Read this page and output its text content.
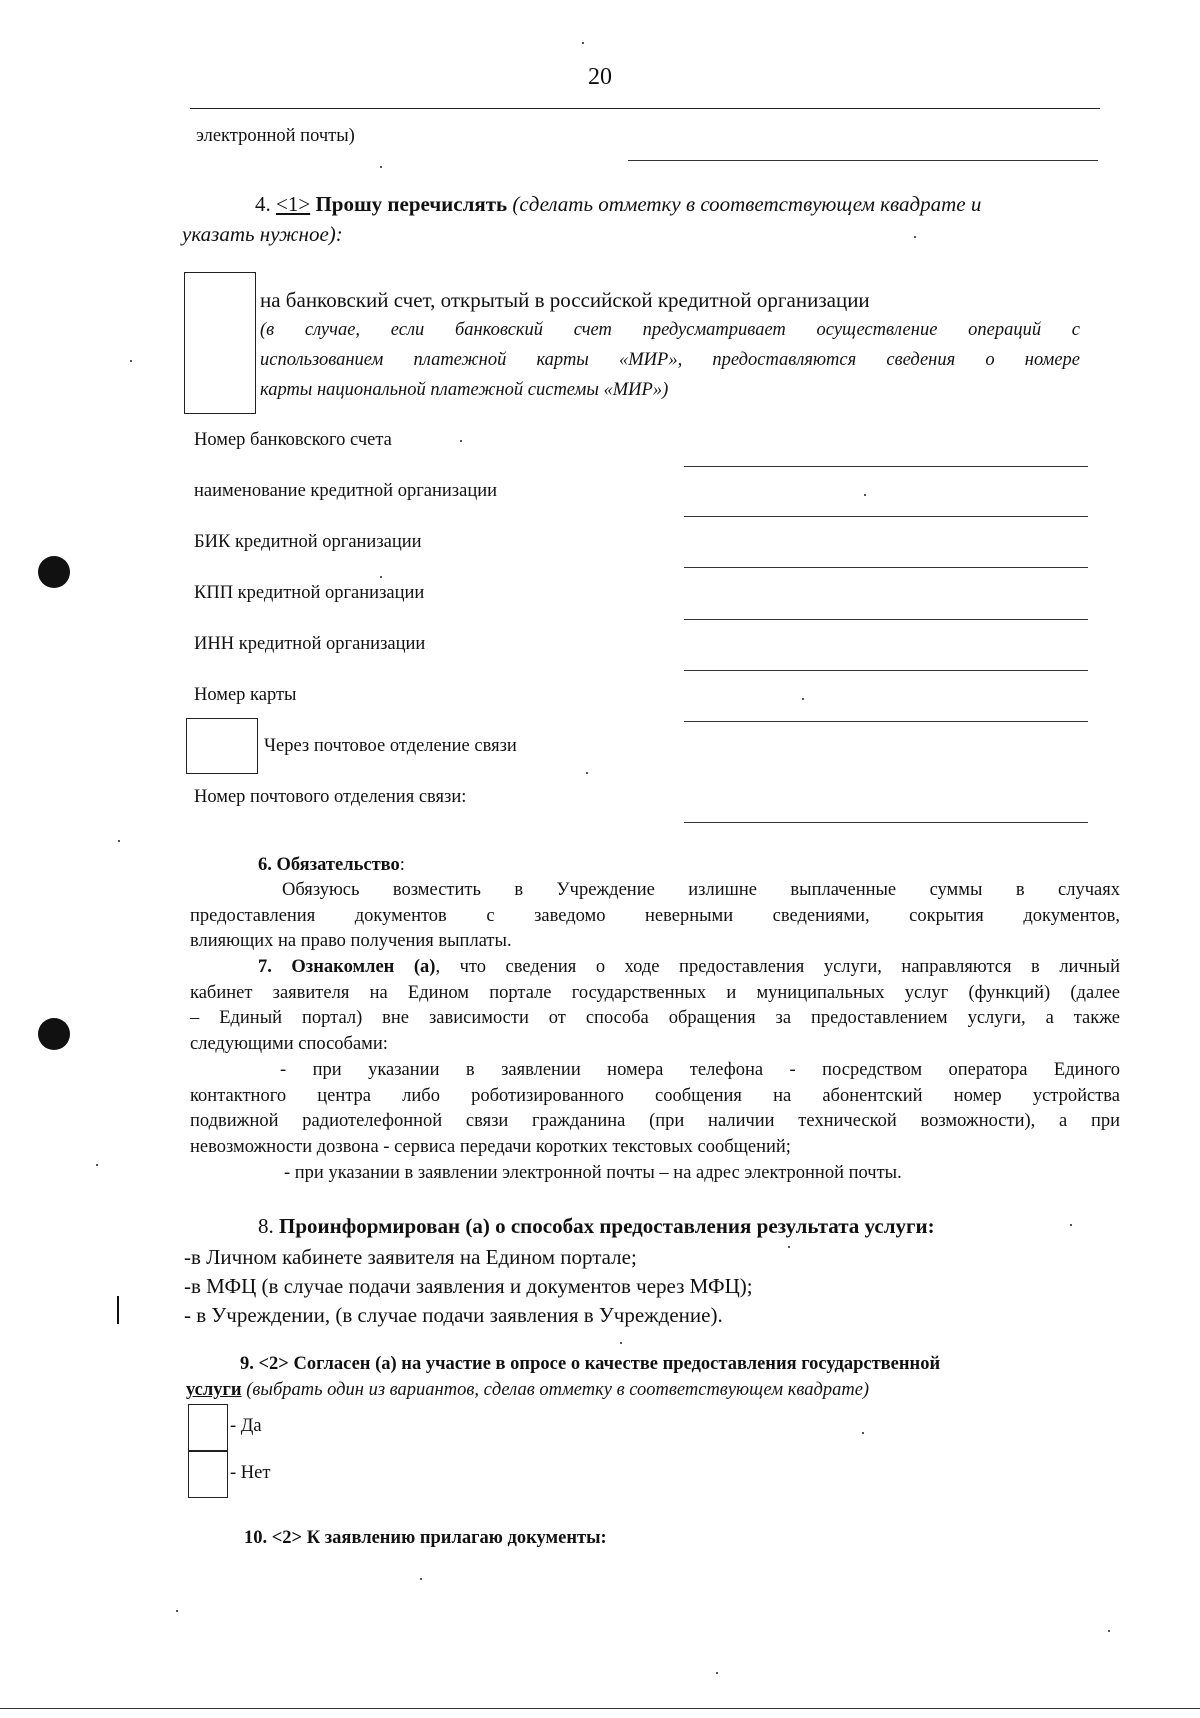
20
электронной почты)
4. <1> Прошу перечислять (сделать отметку в соответствующем квадрате и
указать нужное):
на банковский счет, открытый в российской кредитной организации
(в случае, если банковский счет предусматривает осуществление операций с
использованием платежной карты «МИР», предоставляются сведения о номере
карты национальной платежной системы «МИР»)
Номер банковского счета
наименование кредитной организации
БИК кредитной организации
КПП кредитной организации
ИНН кредитной организации
Номер карты
Через почтовое отделение связи
Номер почтового отделения связи:
6. Обязательство:
Обязуюсь возместить в Учреждение излишне выплаченные суммы в случаях
предоставления документов с заведомо неверными сведениями, сокрытия документов,
влияющих на право получения выплаты.
7. Ознакомлен (а), что сведения о ходе предоставления услуги, направляются в личный
кабинет заявителя на Едином портале государственных и муниципальных услуг (функций) (далее
– Единый портал) вне зависимости от способа обращения за предоставлением услуги, а также
следующими способами:
- при указании в заявлении номера телефона - посредством оператора Единого
контактного центра либо роботизированного сообщения на абонентский номер устройства
подвижной радиотелефонной связи гражданина (при наличии технической возможности), а при
невозможности дозвона - сервиса передачи коротких текстовых сообщений;
- при указании в заявлении электронной почты – на адрес электронной почты.
8. Проинформирован (а) о способах предоставления результата услуги:
-в Личном кабинете заявителя на Едином портале;
-в МФЦ (в случае подачи заявления и документов через МФЦ);
- в Учреждении, (в случае подачи заявления в Учреждение).
9. <2> Согласен (а) на участие в опросе о качестве предоставления государственной
услуги (выбрать один из вариантов, сделав отметку в соответствующем квадрате)
- Да
- Нет
10. <2> К заявлению прилагаю документы:
